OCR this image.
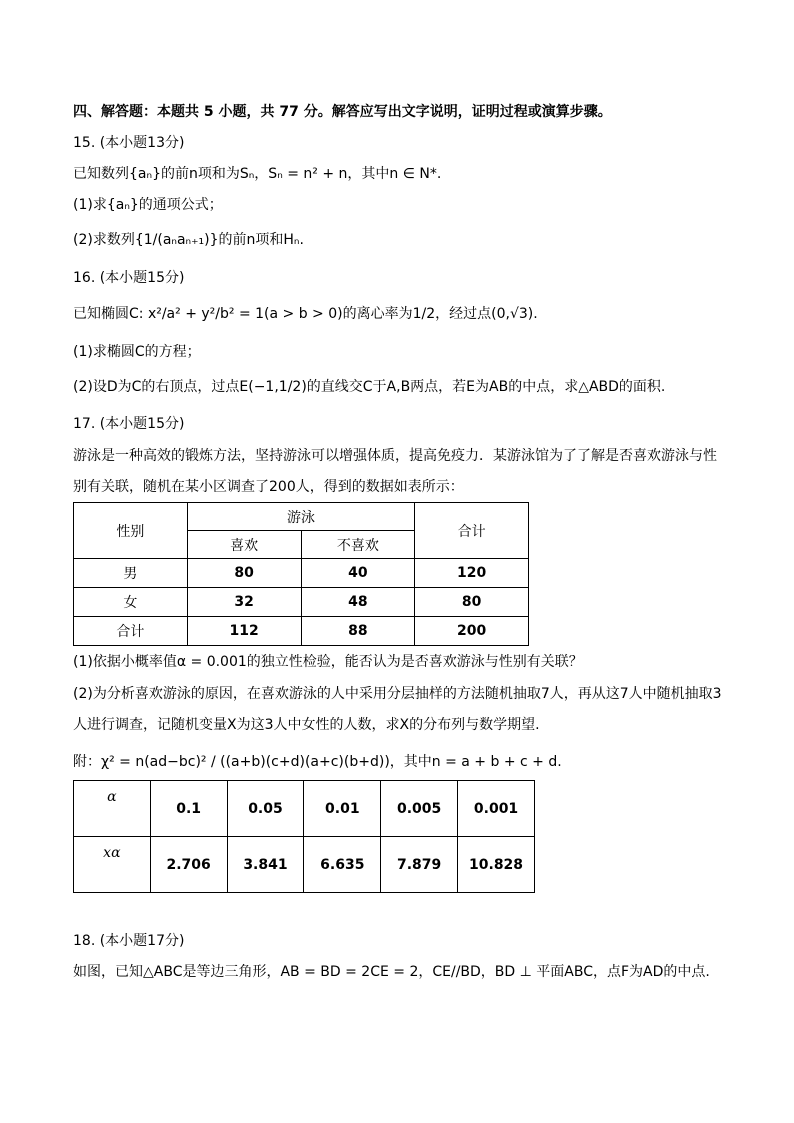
四、解答题：本题共 5 小题，共 77 分。解答应写出文字说明，证明过程或演算步骤。
15. (本小题13分)
已知数列{aₙ}的前n项和为Sₙ，Sₙ = n² + n，其中n ∈ N*.
(1)求{aₙ}的通项公式；
(2)求数列{1/(aₙaₙ₊₁)}的前n项和Hₙ.
16. (本小题15分)
已知椭圆C: x²/a² + y²/b² = 1(a > b > 0)的离心率为1/2，经过点(0,√3).
(1)求椭圆C的方程；
(2)设D为C的右顶点，过点E(−1,1/2)的直线交C于A,B两点，若E为AB的中点，求△ABD的面积.
17. (本小题15分)
游泳是一种高效的锻炼方法，坚持游泳可以增强体质，提高免疫力．某游泳馆为了了解是否喜欢游泳与性
别有关联，随机在某小区调查了200人，得到的数据如表所示：
性别	游泳		合计
	喜欢	不喜欢	
男	80	40	120
女	32	48	80
合计	112	88	200
(1)依据小概率值α = 0.001的独立性检验，能否认为是否喜欢游泳与性别有关联？
(2)为分析喜欢游泳的原因，在喜欢游泳的人中采用分层抽样的方法随机抽取7人，再从这7人中随机抽取3
人进行调查，记随机变量X为这3人中女性的人数，求X的分布列与数学期望.
附：χ² = n(ad−bc)² / ((a+b)(c+d)(a+c)(b+d))，其中n = a + b + c + d.
α	0.1	0.05	0.01	0.005	0.001
xα	2.706	3.841	6.635	7.879	10.828
18. (本小题17分)
如图，已知△ABC是等边三角形，AB = BD = 2CE = 2，CE//BD，BD ⊥ 平面ABC，点F为AD的中点.
